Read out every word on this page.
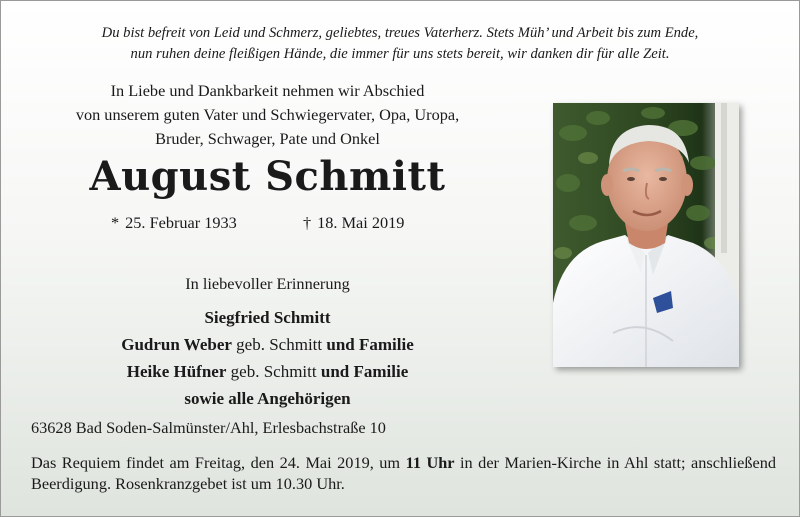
Du bist befreit von Leid und Schmerz, geliebtes, treues Vaterherz. Stets Müh’ und Arbeit bis zum Ende,
nun ruhen deine fleißigen Hände, die immer für uns stets bereit, wir danken dir für alle Zeit.
In Liebe und Dankbarkeit nehmen wir Abschied
von unserem guten Vater und Schwiegervater, Opa, Uropa,
Bruder, Schwager, Pate und Onkel
August Schmitt
* 25. Februar 1933	† 18. Mai 2019
In liebevoller Erinnerung
Siegfried Schmitt
Gudrun Weber geb. Schmitt und Familie
Heike Hüfner geb. Schmitt und Familie
sowie alle Angehörigen
63628 Bad Soden-Salmünster/Ahl, Erlesbachstraße 10
Das Requiem findet am Freitag, den 24. Mai 2019, um 11 Uhr in der Marien-Kirche in Ahl statt; anschließend Beerdigung. Rosenkranzgebet ist um 10.30 Uhr.
